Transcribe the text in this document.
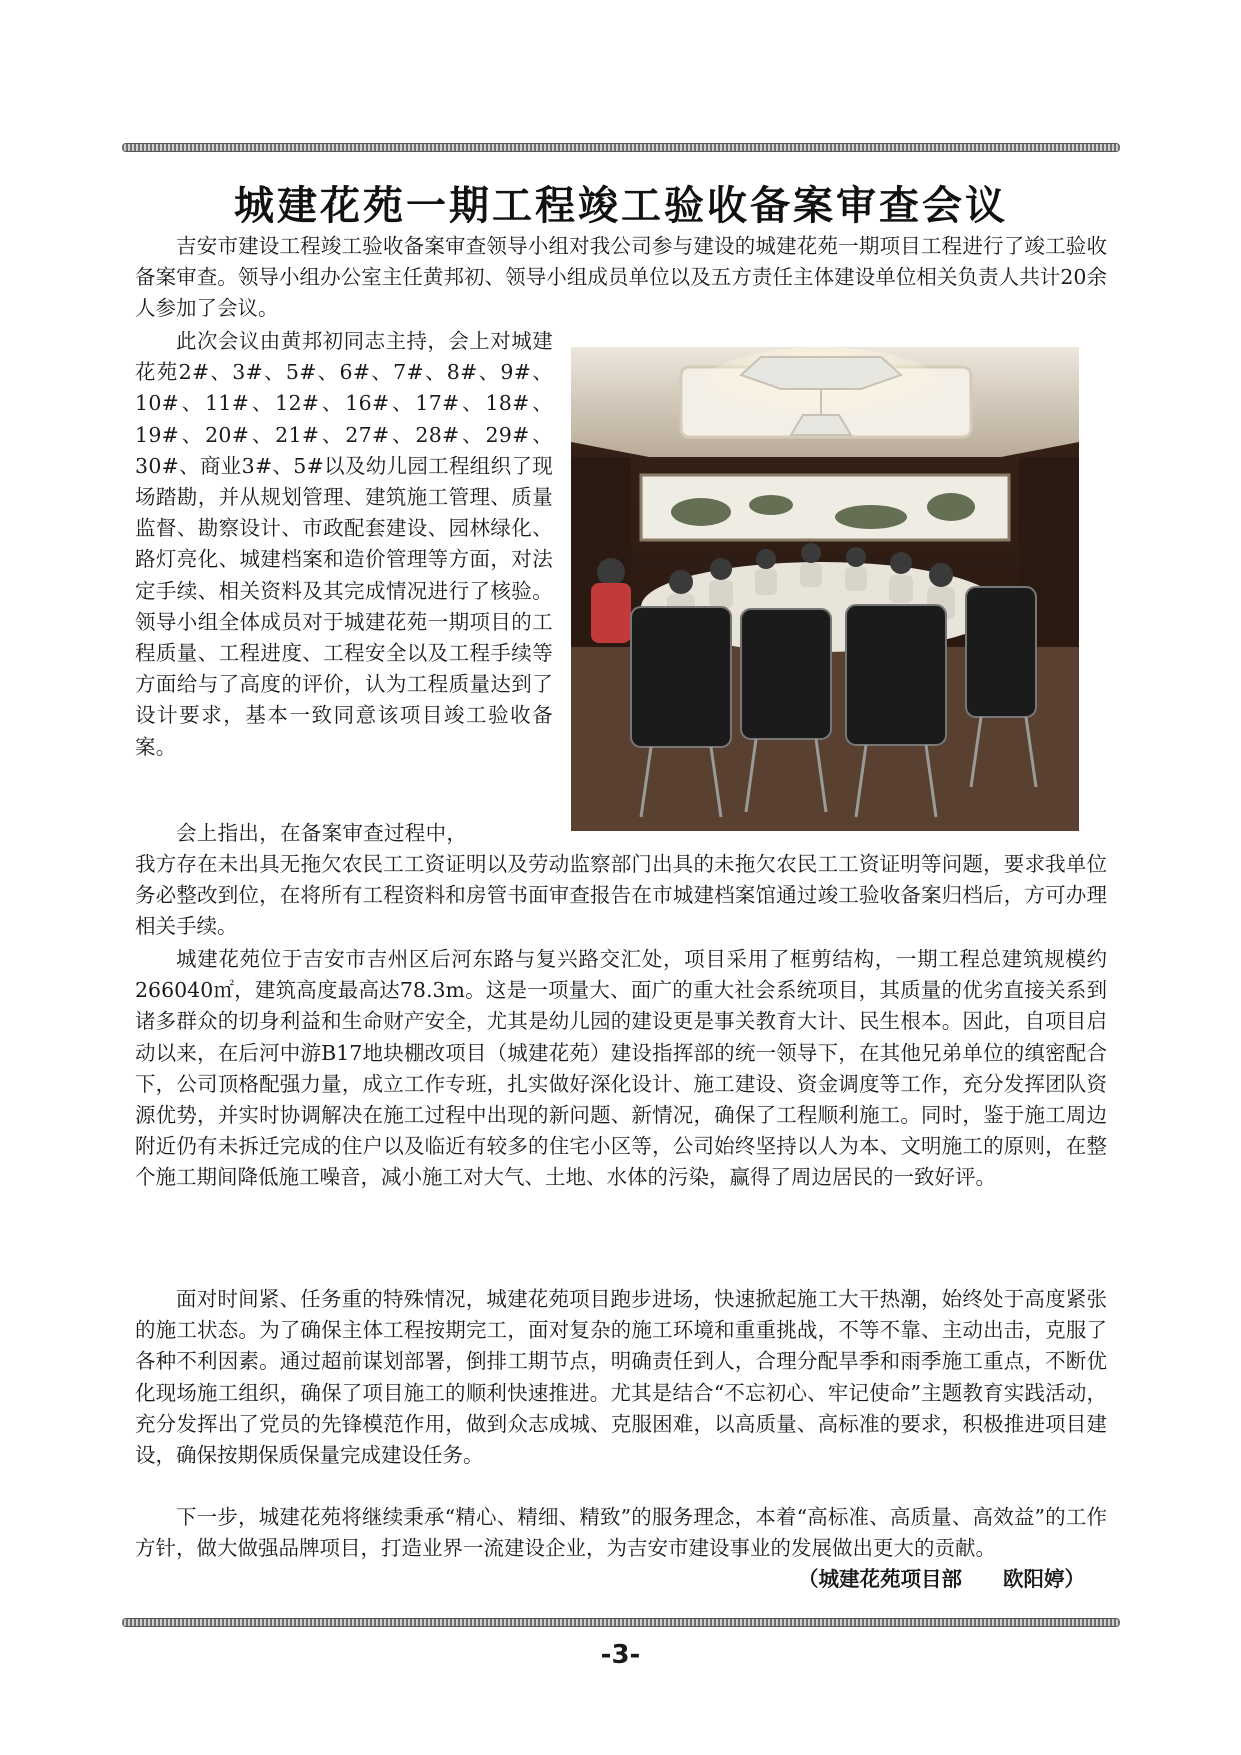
城建花苑一期工程竣工验收备案审查会议

吉安市建设工程竣工验收备案审查领导小组对我公司参与建设的城建花苑一期项目工程进行了竣工验收备案审查。领导小组办公室主任黄邦初、领导小组成员单位以及五方责任主体建设单位相关负责人共计20余人参加了会议。

此次会议由黄邦初同志主持，会上对城建花苑2#、3#、5#、6#、7#、8#、9#、10#、11#、12#、16#、17#、18#、19#、20#、21#、27#、28#、29#、30#、商业3#、5#以及幼儿园工程组织了现场踏勘，并从规划管理、建筑施工管理、质量监督、勘察设计、市政配套建设、园林绿化、路灯亮化、城建档案和造价管理等方面，对法定手续、相关资料及其完成情况进行了核验。领导小组全体成员对于城建花苑一期项目的工程质量、工程进度、工程安全以及工程手续等方面给与了高度的评价，认为工程质量达到了设计要求，基本一致同意该项目竣工验收备案。

会上指出，在备案审查过程中，

我方存在未出具无拖欠农民工工资证明以及劳动监察部门出具的未拖欠农民工工资证明等问题，要求我单位务必整改到位，在将所有工程资料和房管书面审查报告在市城建档案馆通过竣工验收备案归档后，方可办理相关手续。

城建花苑位于吉安市吉州区后河东路与复兴路交汇处，项目采用了框剪结构，一期工程总建筑规模约266040㎡，建筑高度最高达78.3m。这是一项量大、面广的重大社会系统项目，其质量的优劣直接关系到诸多群众的切身利益和生命财产安全，尤其是幼儿园的建设更是事关教育大计、民生根本。因此，自项目启动以来，在后河中游B17地块棚改项目（城建花苑）建设指挥部的统一领导下，在其他兄弟单位的缜密配合下，公司顶格配强力量，成立工作专班，扎实做好深化设计、施工建设、资金调度等工作，充分发挥团队资源优势，并实时协调解决在施工过程中出现的新问题、新情况，确保了工程顺利施工。同时，鉴于施工周边附近仍有未拆迁完成的住户以及临近有较多的住宅小区等，公司始终坚持以人为本、文明施工的原则，在整个施工期间降低施工噪音，减小施工对大气、土地、水体的污染，赢得了周边居民的一致好评。

面对时间紧、任务重的特殊情况，城建花苑项目跑步进场，快速掀起施工大干热潮，始终处于高度紧张的施工状态。为了确保主体工程按期完工，面对复杂的施工环境和重重挑战，不等不靠、主动出击，克服了各种不利因素。通过超前谋划部署，倒排工期节点，明确责任到人，合理分配旱季和雨季施工重点，不断优化现场施工组织，确保了项目施工的顺利快速推进。尤其是结合“不忘初心、牢记使命”主题教育实践活动，充分发挥出了党员的先锋模范作用，做到众志成城、克服困难，以高质量、高标准的要求，积极推进项目建设，确保按期保质保量完成建设任务。

下一步，城建花苑将继续秉承“精心、精细、精致”的服务理念，本着“高标准、高质量、高效益”的工作方针，做大做强品牌项目，打造业界一流建设企业，为吉安市建设事业的发展做出更大的贡献。
（城建花苑项目部　　欧阳婷）

-3-
